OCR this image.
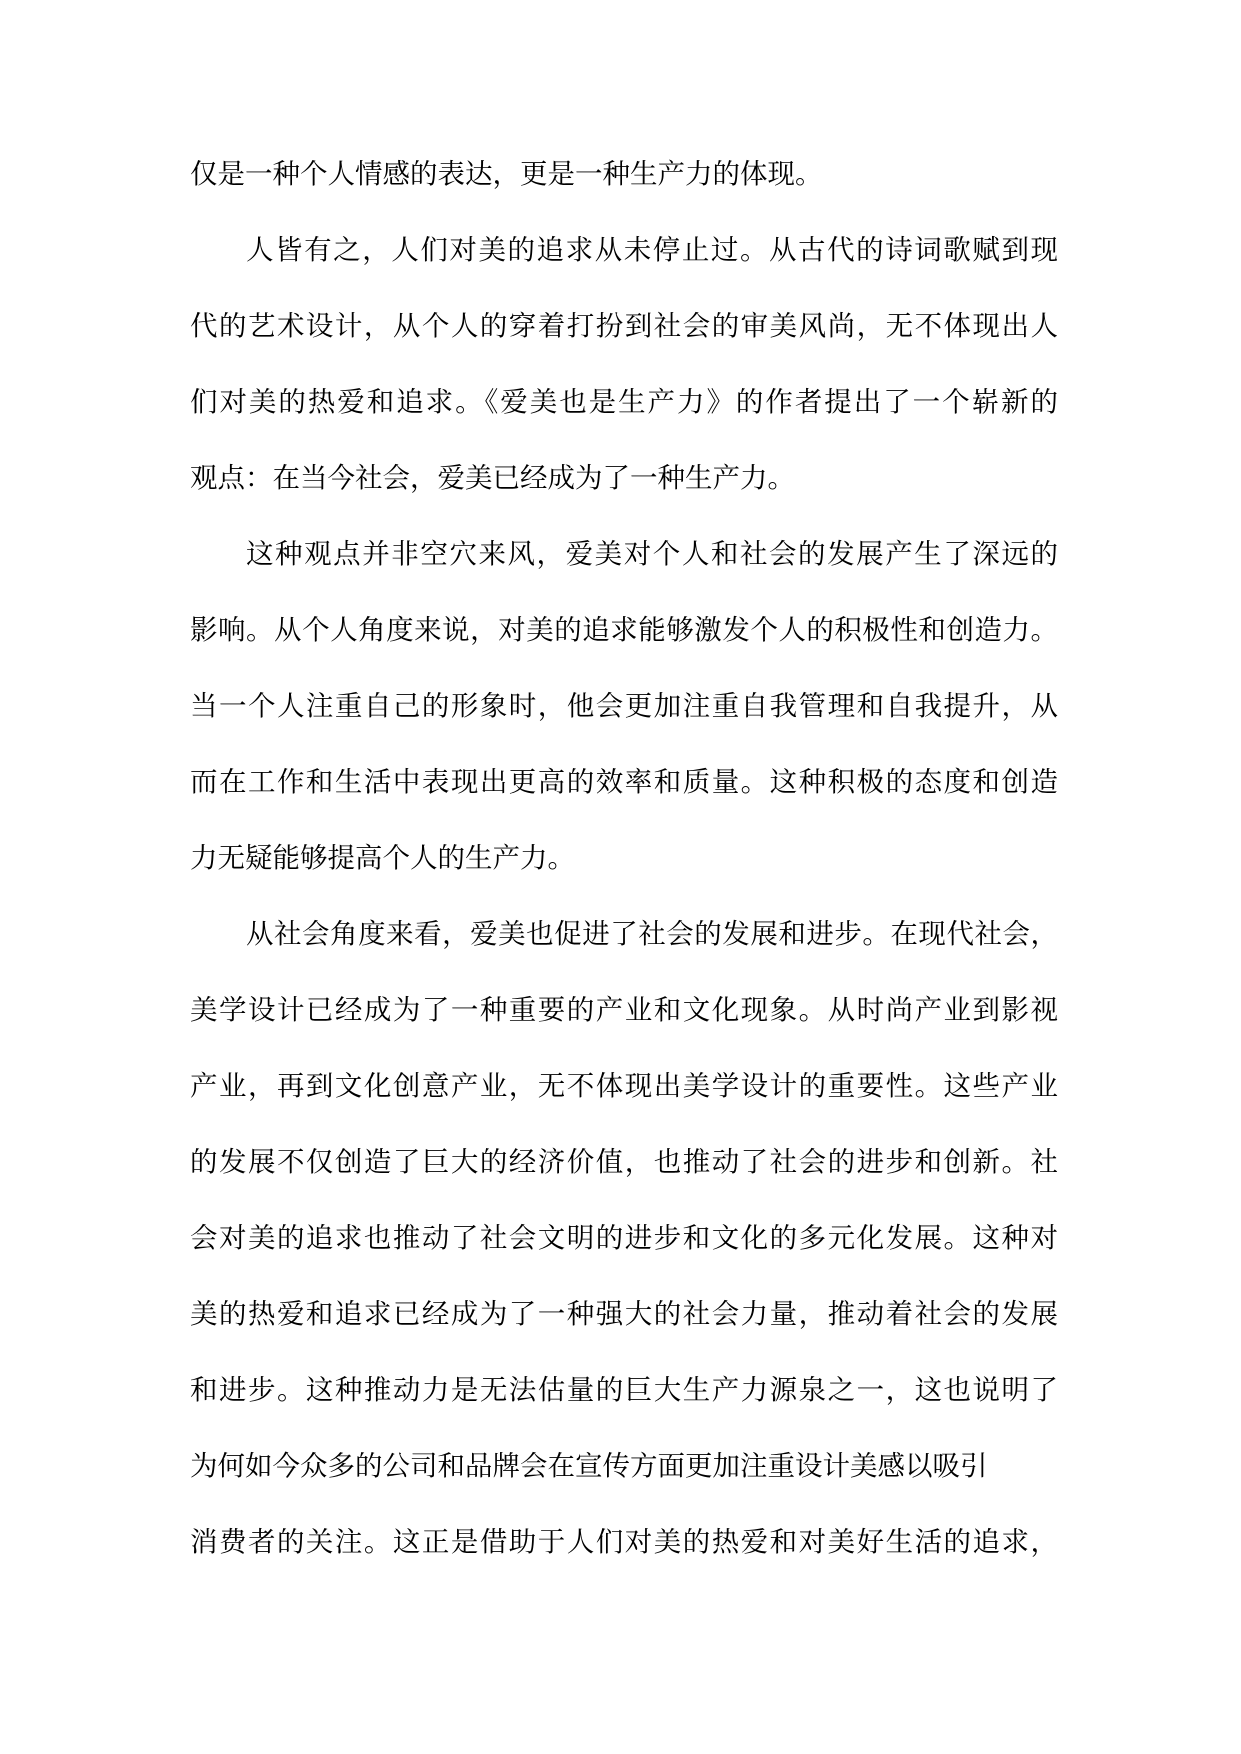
仅是一种个人情感的表达，更是一种生产力的体现。
人皆有之，人们对美的追求从未停止过。从古代的诗词歌赋到现
代的艺术设计，从个人的穿着打扮到社会的审美风尚，无不体现出人
们对美的热爱和追求。《爱美也是生产力》的作者提出了一个崭新的
观点：在当今社会，爱美已经成为了一种生产力。
这种观点并非空穴来风，爱美对个人和社会的发展产生了深远的
影响。从个人角度来说，对美的追求能够激发个人的积极性和创造力。
当一个人注重自己的形象时，他会更加注重自我管理和自我提升，从
而在工作和生活中表现出更高的效率和质量。这种积极的态度和创造
力无疑能够提高个人的生产力。
从社会角度来看，爱美也促进了社会的发展和进步。在现代社会，
美学设计已经成为了一种重要的产业和文化现象。从时尚产业到影视
产业，再到文化创意产业，无不体现出美学设计的重要性。这些产业
的发展不仅创造了巨大的经济价值，也推动了社会的进步和创新。社
会对美的追求也推动了社会文明的进步和文化的多元化发展。这种对
美的热爱和追求已经成为了一种强大的社会力量，推动着社会的发展
和进步。这种推动力是无法估量的巨大生产力源泉之一，这也说明了
为何如今众多的公司和品牌会在宣传方面更加注重设计美感以吸引
消费者的关注。这正是借助于人们对美的热爱和对美好生活的追求，
